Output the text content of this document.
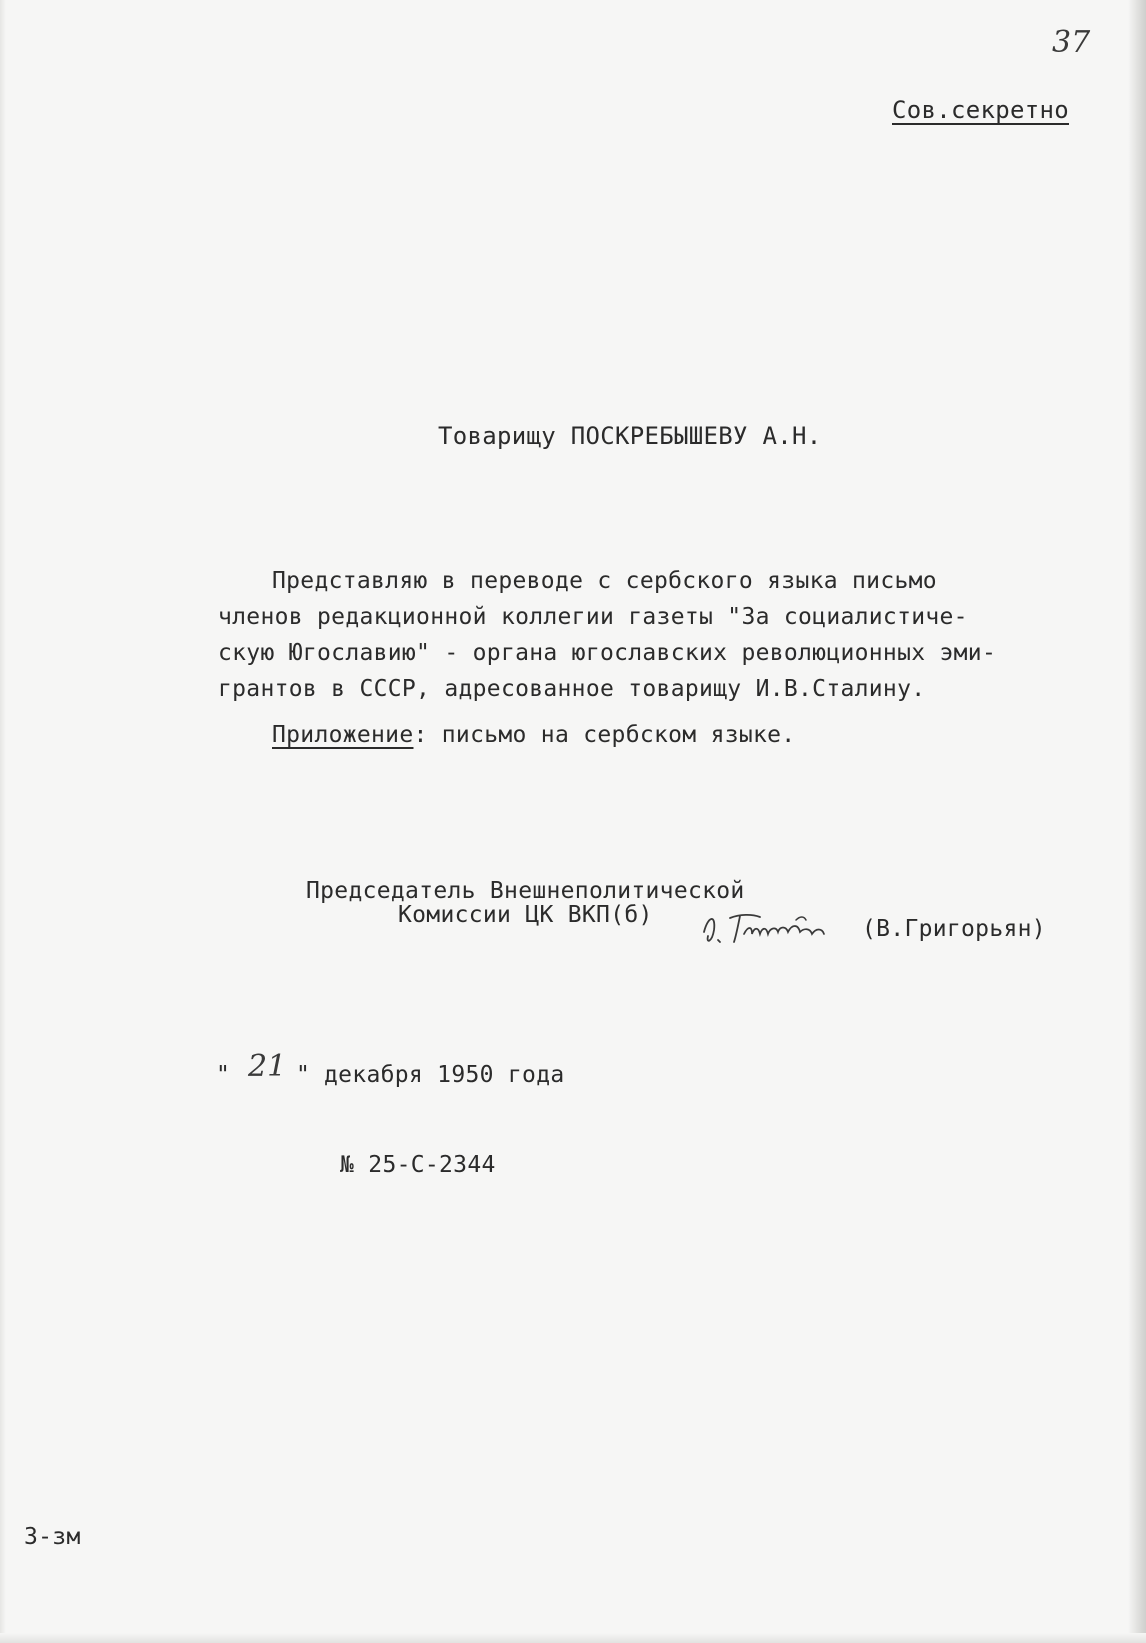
37
Сов.секретно
Товарищу ПОСКРЕБЫШЕВУ А.Н.
Представляю в переводе с сербского языка письмо
членов редакционной коллегии газеты "За социалистиче-
скую Югославию" - органа югославских революционных эми-
грантов в СССР, адресованное товарищу И.В.Сталину.
Приложение: письмо на сербском языке.
Председатель Внешнеполитической
Комиссии ЦК ВКП(б)
(В.Григорьян)
" 21 " декабря 1950 года
№ 25-С-2344
3-зм
